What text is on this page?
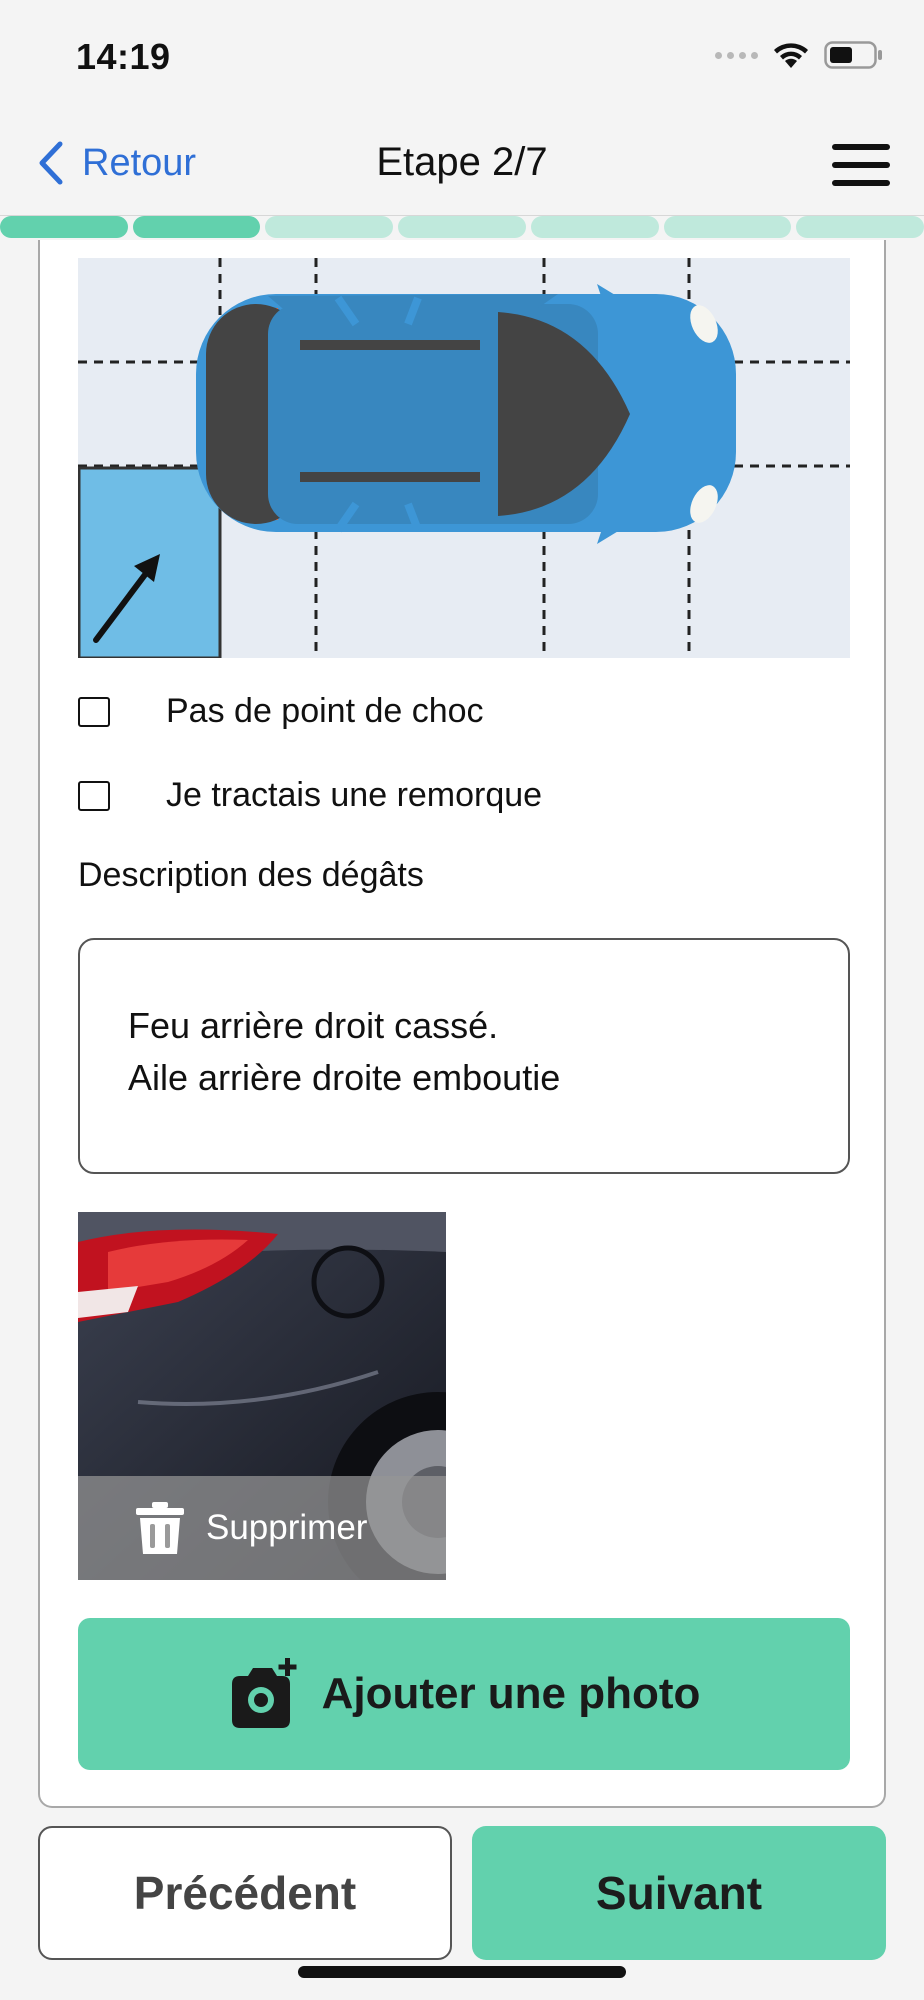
14:19
Retour	Etape 2/7
Pas de point de choc
Je tractais une remorque
Description des dégâts
Feu arrière droit cassé.
Aile arrière droite emboutie
Supprimer
Ajouter une photo
Précédent	Suivant
